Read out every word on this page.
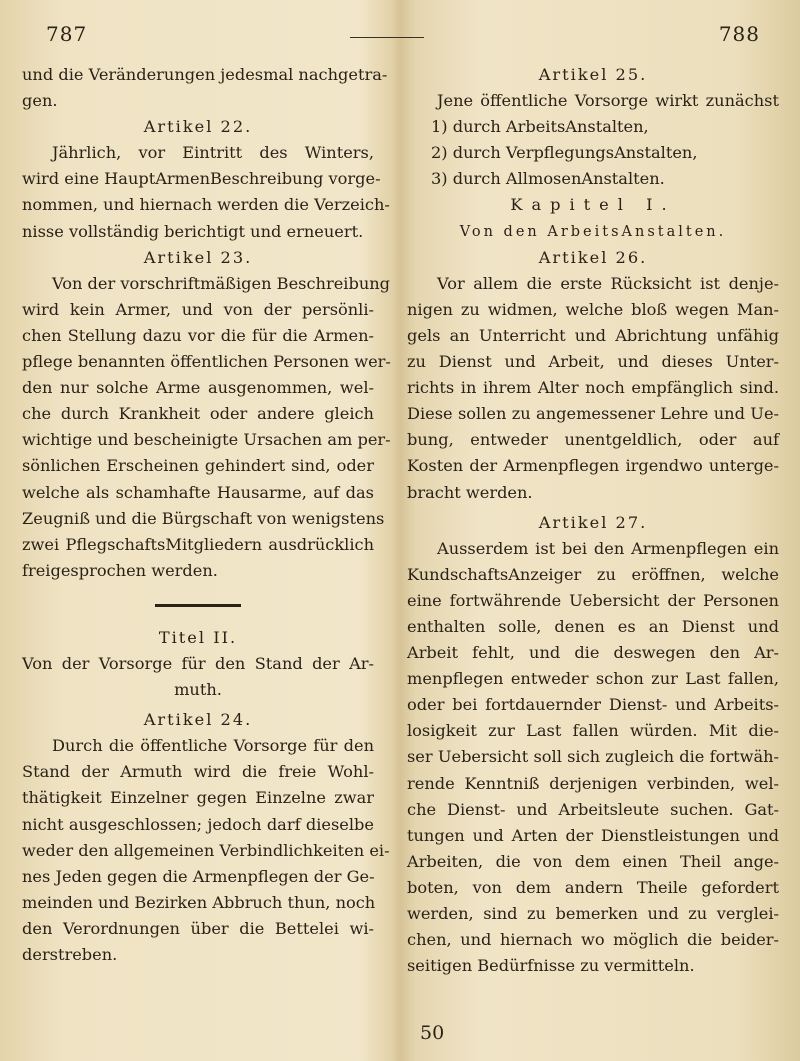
787	788
und die Veränderungen jedesmal nachgetra-
gen.
Artikel 22.
Jährlich, vor Eintritt des Winters,
wird eine HauptArmenBeschreibung vorge-
nommen, und hiernach werden die Verzeich-
nisse vollständig berichtigt und erneuert.
Artikel 23.
Von der vorschriftmäßigen Beschreibung
wird kein Armer, und von der persönli-
chen Stellung dazu vor die für die Armen-
pflege benannten öffentlichen Personen wer-
den nur solche Arme ausgenommen, wel-
che durch Krankheit oder andere gleich
wichtige und bescheinigte Ursachen am per-
sönlichen Erscheinen gehindert sind, oder
welche als schamhafte Hausarme, auf das
Zeugniß und die Bürgschaft von wenigstens
zwei PflegschaftsMitgliedern ausdrücklich
freigesprochen werden.
Titel II.
Von der Vorsorge für den Stand der Ar-
muth.
Artikel 24.
Durch die öffentliche Vorsorge für den
Stand der Armuth wird die freie Wohl-
thätigkeit Einzelner gegen Einzelne zwar
nicht ausgeschlossen; jedoch darf dieselbe
weder den allgemeinen Verbindlichkeiten ei-
nes Jeden gegen die Armenpflegen der Ge-
meinden und Bezirken Abbruch thun, noch
den Verordnungen über die Bettelei wi-
derstreben.
Artikel 25.
Jene öffentliche Vorsorge wirkt zunächst
1) durch ArbeitsAnstalten,
2) durch VerpflegungsAnstalten,
3) durch AllmosenAnstalten.
Kapitel I.
Von den ArbeitsAnstalten.
Artikel 26.
Vor allem die erste Rücksicht ist denje-
nigen zu widmen, welche bloß wegen Man-
gels an Unterricht und Abrichtung unfähig
zu Dienst und Arbeit, und dieses Unter-
richts in ihrem Alter noch empfänglich sind.
Diese sollen zu angemessener Lehre und Ue-
bung, entweder unentgeldlich, oder auf
Kosten der Armenpflegen irgendwo unterge-
bracht werden.
Artikel 27.
Ausserdem ist bei den Armenpflegen ein
KundschaftsAnzeiger zu eröffnen, welche
eine fortwährende Uebersicht der Personen
enthalten solle, denen es an Dienst und
Arbeit fehlt, und die deswegen den Ar-
menpflegen entweder schon zur Last fallen,
oder bei fortdauernder Dienst- und Arbeits-
losigkeit zur Last fallen würden. Mit die-
ser Uebersicht soll sich zugleich die fortwäh-
rende Kenntniß derjenigen verbinden, wel-
che Dienst- und Arbeitsleute suchen. Gat-
tungen und Arten der Dienstleistungen und
Arbeiten, die von dem einen Theil ange-
boten, von dem andern Theile gefordert
werden, sind zu bemerken und zu verglei-
chen, und hiernach wo möglich die beider-
seitigen Bedürfnisse zu vermitteln.
50
